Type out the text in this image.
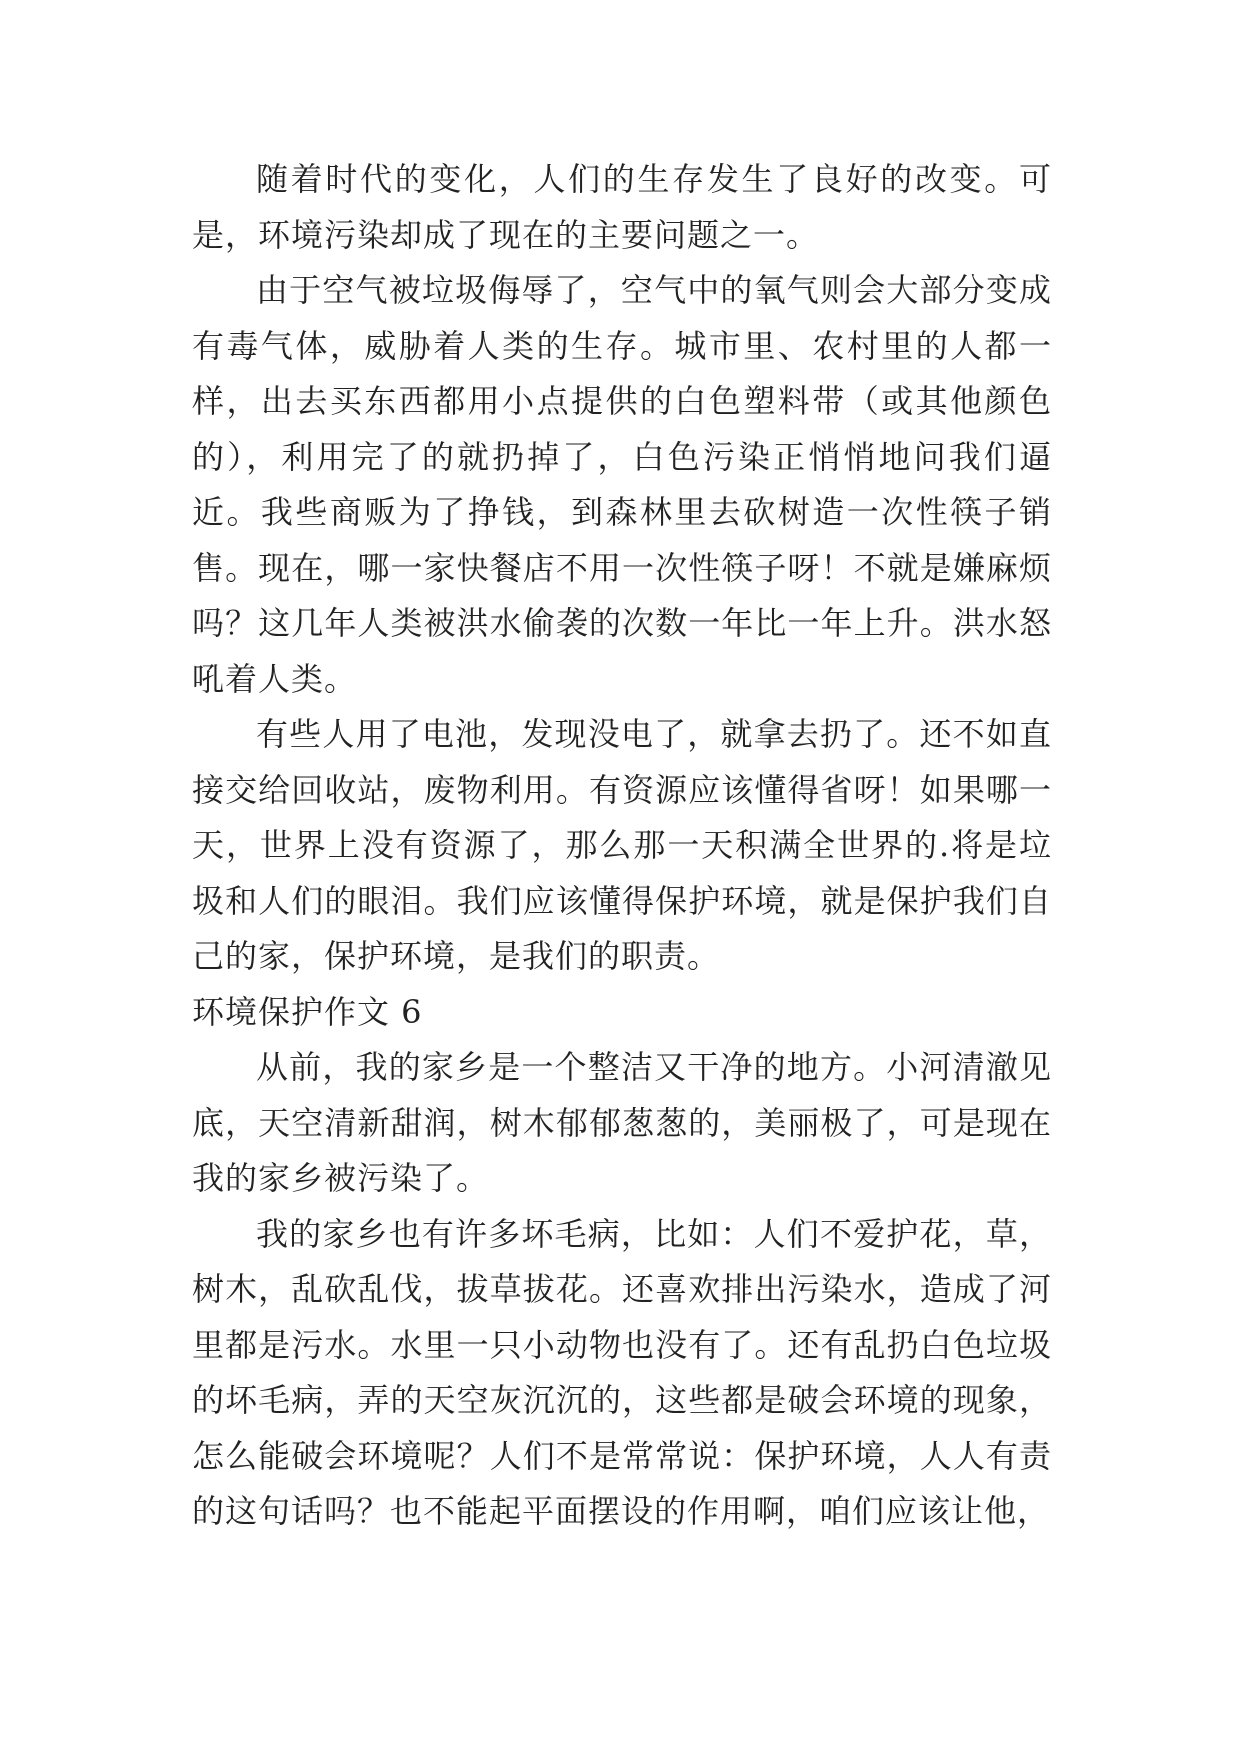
随着时代的变化，人们的生存发生了良好的改变。可是，环境污染却成了现在的主要问题之一。

由于空气被垃圾侮辱了，空气中的氧气则会大部分变成有毒气体，威胁着人类的生存。城市里、农村里的人都一样，出去买东西都用小点提供的白色塑料带（或其他颜色的），利用完了的就扔掉了，白色污染正悄悄地问我们逼近。我些商贩为了挣钱，到森林里去砍树造一次性筷子销售。现在，哪一家快餐店不用一次性筷子呀！不就是嫌麻烦吗？这几年人类被洪水偷袭的次数一年比一年上升。洪水怒吼着人类。

有些人用了电池，发现没电了，就拿去扔了。还不如直接交给回收站，废物利用。有资源应该懂得省呀！如果哪一天，世界上没有资源了，那么那一天积满全世界的.将是垃圾和人们的眼泪。我们应该懂得保护环境，就是保护我们自己的家，保护环境，是我们的职责。

环境保护作文 6

从前，我的家乡是一个整洁又干净的地方。小河清澈见底，天空清新甜润，树木郁郁葱葱的，美丽极了，可是现在我的家乡被污染了。

我的家乡也有许多坏毛病，比如：人们不爱护花，草，树木，乱砍乱伐，拔草拔花。还喜欢排出污染水，造成了河里都是污水。水里一只小动物也没有了。还有乱扔白色垃圾的坏毛病，弄的天空灰沉沉的，这些都是破会环境的现象，怎么能破会环境呢？人们不是常常说：保护环境，人人有责的这句话吗？也不能起平面摆设的作用啊，咱们应该让他，
